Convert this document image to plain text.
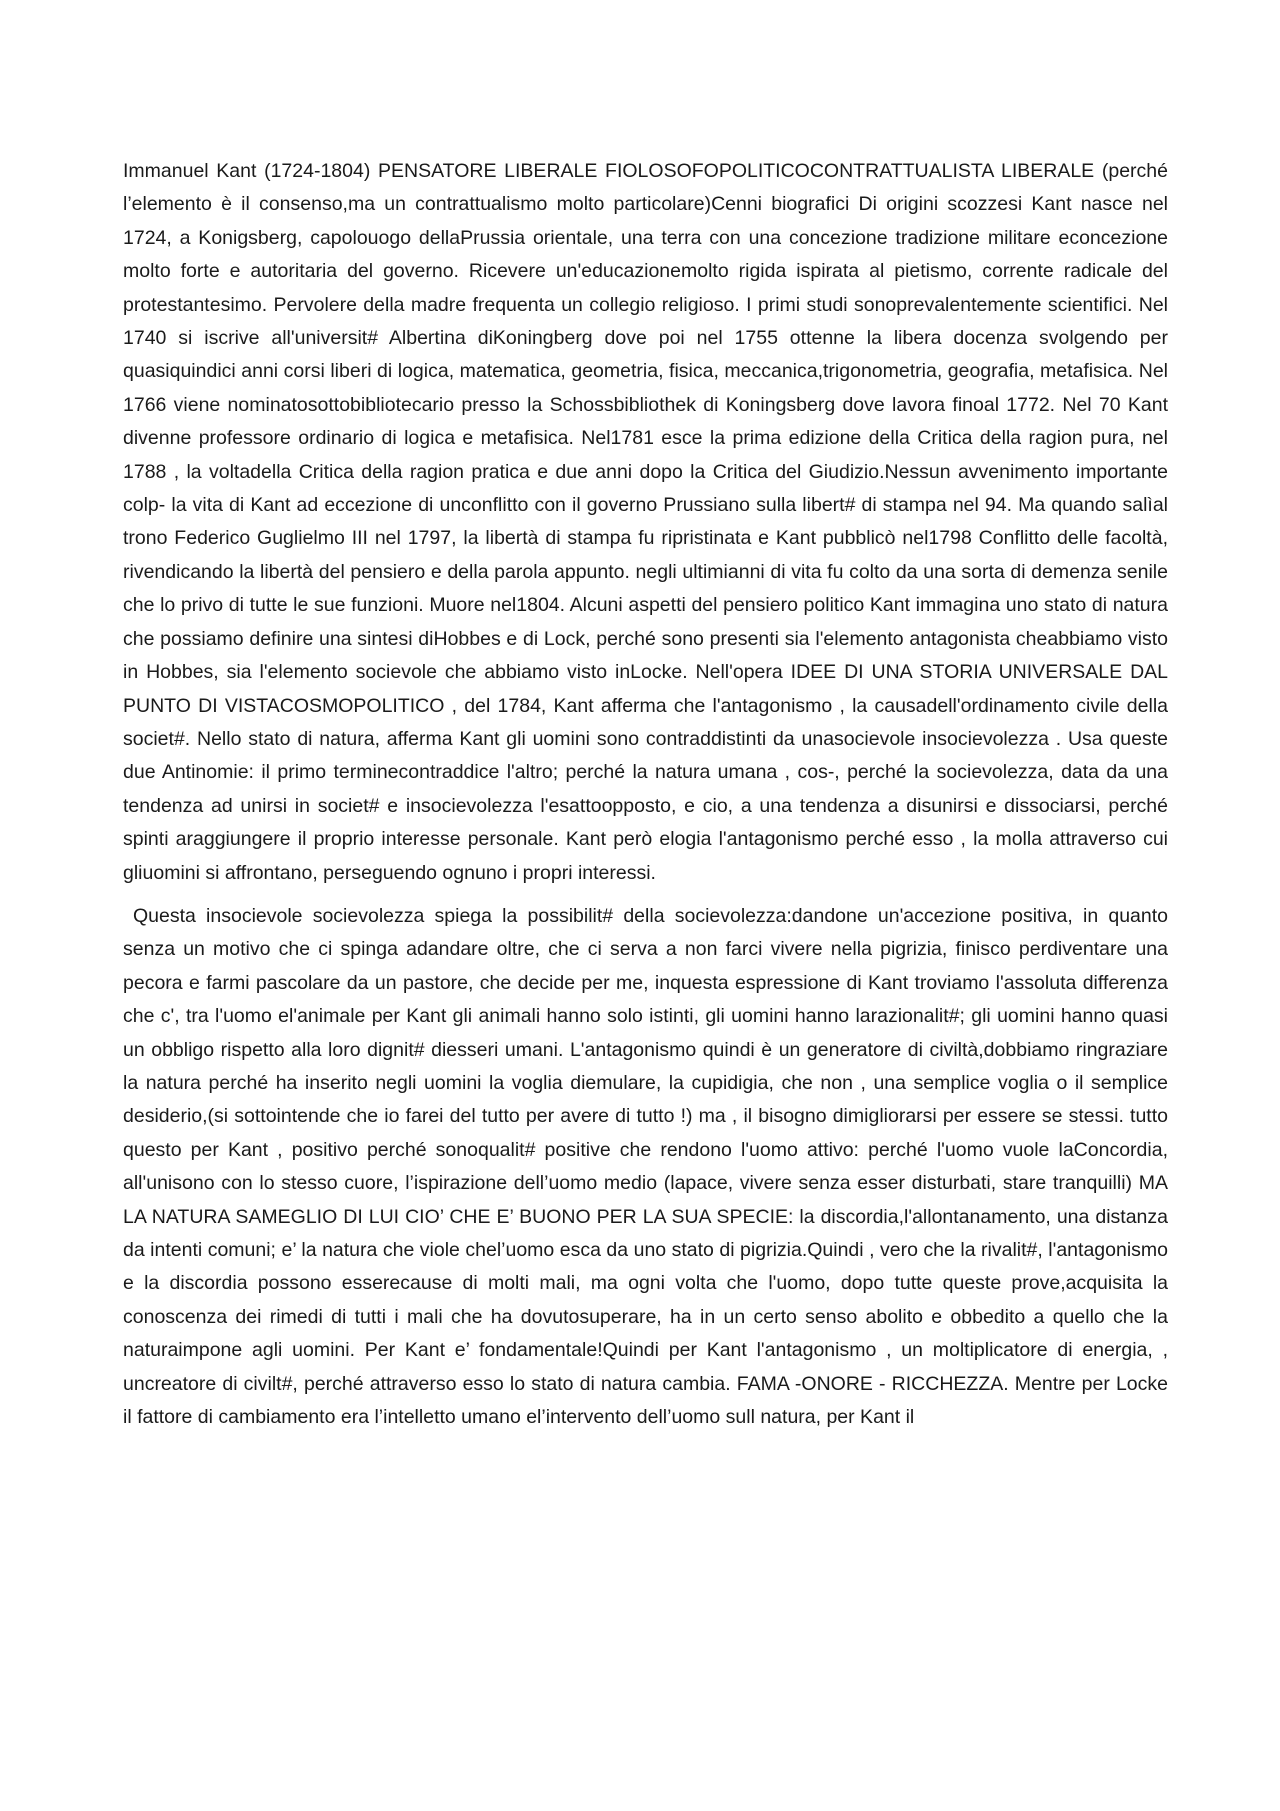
Immanuel Kant (1724-1804) PENSATORE LIBERALE FIOLOSOFOPOLITICOCONTRATTUALISTA LIBERALE (perché l’elemento è il consenso,ma un contrattualismo molto particolare)Cenni biografici Di origini scozzesi Kant nasce nel 1724, a Konigsberg, capolouogo dellaPrussia orientale, una terra con una concezione tradizione militare econcezione molto forte e autoritaria del governo. Ricevere un'educazionemolto rigida ispirata al pietismo, corrente radicale del protestantesimo. Pervolere della madre frequenta un collegio religioso. I primi studi sonoprevalentemente scientifici. Nel 1740 si iscrive all'universit# Albertina diKoningberg dove poi nel 1755 ottenne la libera docenza svolgendo per quasiquindici anni corsi liberi di logica, matematica, geometria, fisica, meccanica,trigonometria, geografia, metafisica. Nel 1766 viene nominatosottobibliotecario presso la Schossbibliothek di Koningsberg dove lavora finoal 1772. Nel 70 Kant divenne professore ordinario di logica e metafisica. Nel1781 esce la prima edizione della Critica della ragion pura, nel 1788 , la voltadella Critica della ragion pratica e due anni dopo la Critica del Giudizio.Nessun avvenimento importante colp- la vita di Kant ad eccezione di unconflitto con il governo Prussiano sulla libert# di stampa nel 94. Ma quando salìal trono Federico Guglielmo III nel 1797, la libertà di stampa fu ripristinata e Kant pubblicò nel1798 Conflitto delle facoltà, rivendicando la libertà del pensiero e della parola appunto. negli ultimianni di vita fu colto da una sorta di demenza senile che lo privo di tutte le sue funzioni. Muore nel1804. Alcuni aspetti del pensiero politico Kant immagina uno stato di natura che possiamo definire una sintesi diHobbes e di Lock, perché sono presenti sia l'elemento antagonista cheabbiamo visto in Hobbes, sia l'elemento socievole che abbiamo visto inLocke. Nell'opera IDEE DI UNA STORIA UNIVERSALE DAL PUNTO DI VISTACOSMOPOLITICO , del 1784, Kant afferma che l'antagonismo , la causadell'ordinamento civile della societ#. Nello stato di natura, afferma Kant gli uomini sono contraddistinti da unasocievole insocievolezza . Usa queste due Antinomie: il primo terminecontraddice l'altro; perché la natura umana , cos-, perché la socievolezza, data da una tendenza ad unirsi in societ# e insocievolezza l'esattoopposto, e cio, a una tendenza a disunirsi e dissociarsi, perché spinti araggiungere il proprio interesse personale. Kant però elogia l'antagonismo perché esso , la molla attraverso cui gliuomini si affrontano, perseguendo ognuno i propri interessi.

Questa insocievole socievolezza spiega la possibilit# della socievolezza:dandone un'accezione positiva, in quanto senza un motivo che ci spinga adandare oltre, che ci serva a non farci vivere nella pigrizia, finisco perdiventare una pecora e farmi pascolare da un pastore, che decide per me, inquesta espressione di Kant troviamo l'assoluta differenza che c', tra l'uomo el'animale per Kant gli animali hanno solo istinti, gli uomini hanno larazionalit#; gli uomini hanno quasi un obbligo rispetto alla loro dignit# diesseri umani. L'antagonismo quindi è un generatore di civiltà,dobbiamo ringraziare la natura perché ha inserito negli uomini la voglia diemulare, la cupidigia, che non , una semplice voglia o il semplice desiderio,(si sottointende che io farei del tutto per avere di tutto !) ma , il bisogno dimigliorarsi per essere se stessi. tutto questo per Kant , positivo perché sonoqualit# positive che rendono l'uomo attivo: perché l'uomo vuole laConcordia, all'unisono con lo stesso cuore, l’ispirazione dell’uomo medio (lapace, vivere senza esser disturbati, stare tranquilli) MA LA NATURA SAMEGLIO DI LUI CIO’ CHE E’ BUONO PER LA SUA SPECIE: la discordia,l'allontanamento, una distanza da intenti comuni; e’ la natura che viole chel’uomo esca da uno stato di pigrizia.Quindi , vero che la rivalit#, l'antagonismo e la discordia possono esserecause di molti mali, ma ogni volta che l'uomo, dopo tutte queste prove,acquisita la conoscenza dei rimedi di tutti i mali che ha dovutosuperare, ha in un certo senso abolito e obbedito a quello che la naturaimpone agli uomini. Per Kant e’ fondamentale!Quindi per Kant l'antagonismo , un moltiplicatore di energia, , uncreatore di civilt#, perché attraverso esso lo stato di natura cambia. FAMA -ONORE - RICCHEZZA. Mentre per Locke il fattore di cambiamento era l’intelletto umano el’intervento dell’uomo sull natura, per Kant il
